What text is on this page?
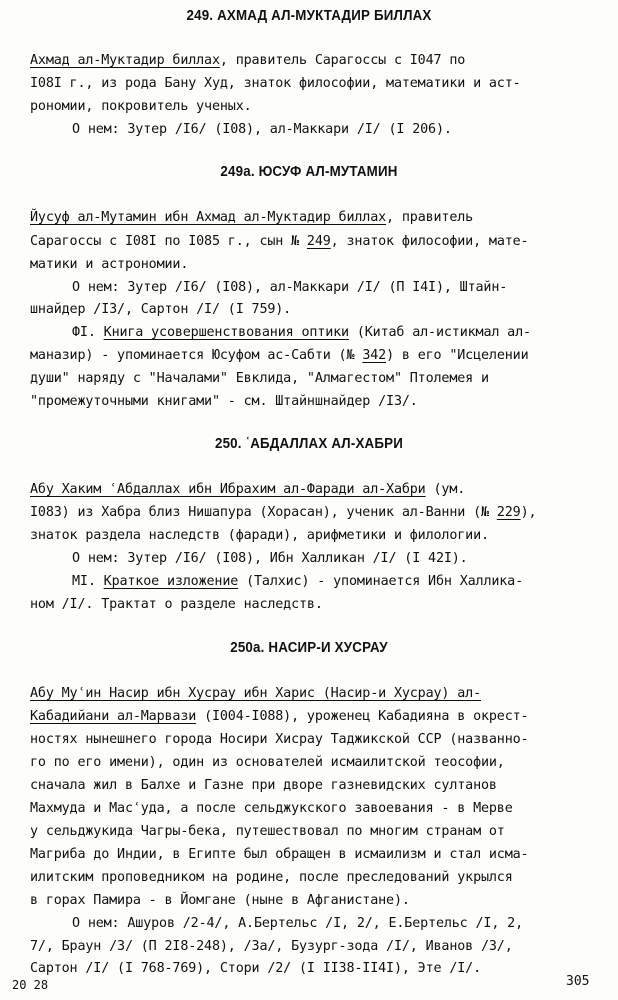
249. АХМАД АЛ-МУКТАДИР БИЛЛАХ
Ахмад ал-Муктадир биллах, правитель Сарагоссы с I047 по
I08I г., из рода Бану Худ, знаток философии, математики и аст-
рономии, покровитель ученых.
О нем: Зутер /I6/ (I08), ал-Маккари /I/ (I 206).
249a. ЮСУФ АЛ-МУТАМИН
Йусуф ал-Мутамин ибн Ахмад ал-Муктадир биллах, правитель
Сарагоссы с I08I по I085 г., сын № 249, знаток философии, мате-
матики и астрономии.
О нем: Зутер /I6/ (I08), ал-Маккари /I/ (П I4I), Штайн-
шнайдер /I3/, Сартон /I/ (I 759).
ФI. Книга усовершенствования оптики (Китаб ал-истикмал ал-
маназир) - упоминается Юсуфом ас-Сабти (№ 342) в его "Исцелении
души" наряду с "Началами" Евклида, "Алмагестом" Птолемея и
"промежуточными книгами" - см. Штайншнайдер /I3/.
250. ʿАБДАЛЛАХ АЛ-ХАБРИ
Абу Хаким ʿАбдаллах ибн Ибрахим ал-Фаради ал-Хабри (ум.
I083) из Хабра близ Нишапура (Хорасан), ученик ал-Ванни (№ 229),
знаток раздела наследств (фаради), арифметики и филологии.
О нем: Зутер /I6/ (I08), Ибн Халликан /I/ (I 42I).
МI. Краткое изложение (Талхис) - упоминается Ибн Халлика-
ном /I/. Трактат о разделе наследств.
250a. НАСИР-И ХУСРАУ
Абу Муʿин Насир ибн Хусрау ибн Харис (Насир-и Хусрау) ал-
Кабадийани ал-Марвази (I004-I088), уроженец Кабадияна в окрест-
ностях нынешнего города Носири Хисрау Таджикской ССР (названно-
го по его имени), один из основателей исмаилитской теософии,
сначала жил в Балхе и Газне при дворе газневидских султанов
Махмуда и Масʿуда, а после сельджукского завоевания - в Мерве
у сельджукида Чагры-бека, путешествовал по многим странам от
Магриба до Индии, в Египте был обращен в исмаилизм и стал исма-
илитским проповедником на родине, после преследований укрылся
в горах Памира - в Йомгане (ныне в Афганистане).
О нем: Ашуров /2-4/, А.Бертельс /I, 2/, Е.Бертельс /I, 2,
7/, Браун /3/ (П 2I8-248), /3а/, Бузург-зода /I/, Иванов /3/,
Сартон /I/ (I 768-769), Стори /2/ (I II38-II4I), Эте /I/.
20 28	305
